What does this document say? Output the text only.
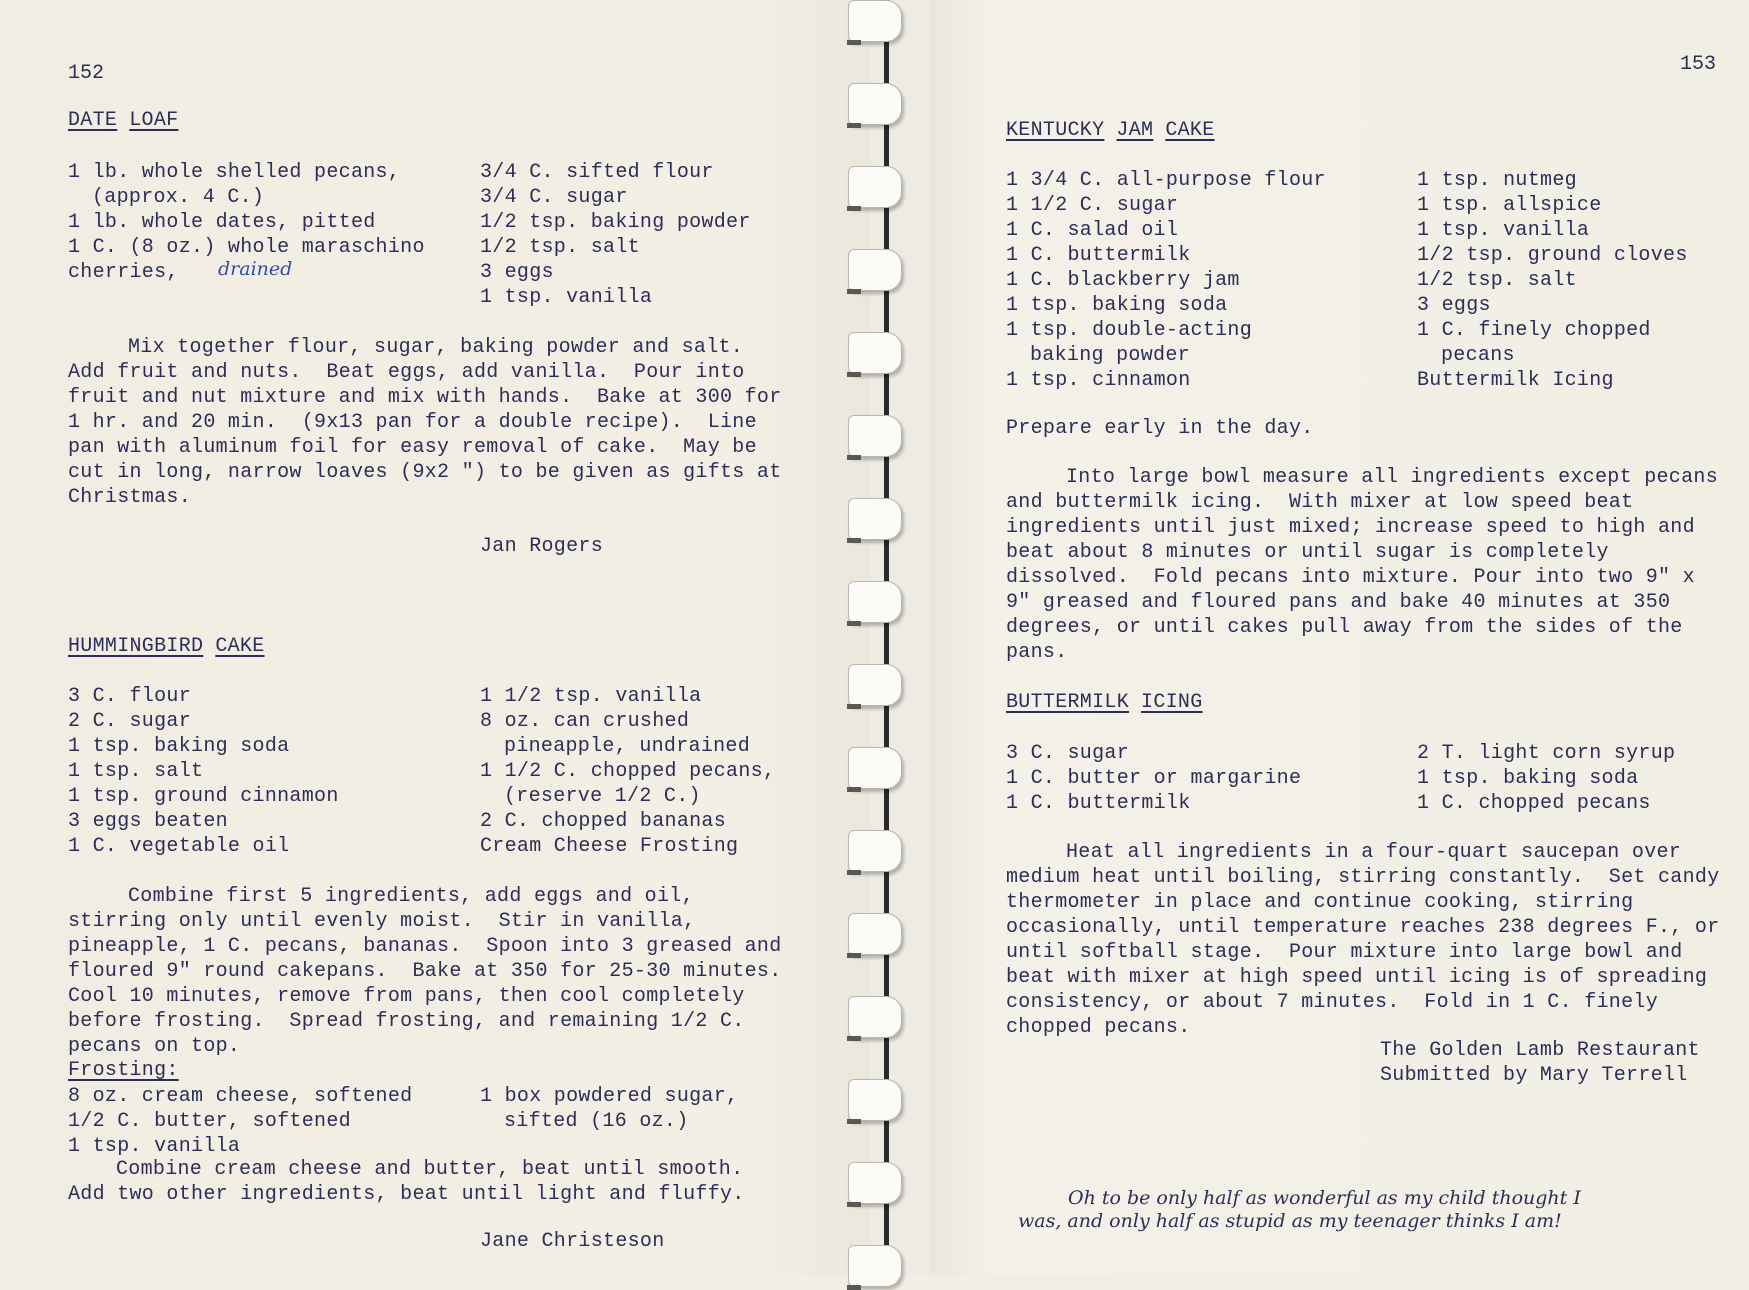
152
DATE LOAF
1 lb. whole shelled pecans,
(approx. 4 C.)
1 lb. whole dates, pitted
1 C. (8 oz.) whole maraschino
cherries,	drained
3/4 C. sifted flour
3/4 C. sugar
1/2 tsp. baking powder
1/2 tsp. salt
3 eggs
1 tsp. vanilla
Mix together flour, sugar, baking powder and salt.
Add fruit and nuts.  Beat eggs, add vanilla.  Pour into
fruit and nut mixture and mix with hands.  Bake at 300 for
1 hr. and 20 min.  (9x13 pan for a double recipe).  Line
pan with aluminum foil for easy removal of cake.  May be
cut in long, narrow loaves (9x2 ") to be given as gifts at
Christmas.
Jan Rogers
HUMMINGBIRD CAKE
3 C. flour
2 C. sugar
1 tsp. baking soda
1 tsp. salt
1 tsp. ground cinnamon
3 eggs beaten
1 C. vegetable oil
1 1/2 tsp. vanilla
8 oz. can crushed
pineapple, undrained
1 1/2 C. chopped pecans,
(reserve 1/2 C.)
2 C. chopped bananas
Cream Cheese Frosting
Combine first 5 ingredients, add eggs and oil,
stirring only until evenly moist.  Stir in vanilla,
pineapple, 1 C. pecans, bananas.  Spoon into 3 greased and
floured 9" round cakepans.  Bake at 350 for 25-30 minutes.
Cool 10 minutes, remove from pans, then cool completely
before frosting.  Spread frosting, and remaining 1/2 C.
pecans on top.
Frosting:
8 oz. cream cheese, softened
1/2 C. butter, softened
1 tsp. vanilla
1 box powdered sugar,
sifted (16 oz.)
Combine cream cheese and butter, beat until smooth.
Add two other ingredients, beat until light and fluffy.
Jane Christeson
153
KENTUCKY JAM CAKE
1 3/4 C. all-purpose flour
1 1/2 C. sugar
1 C. salad oil
1 C. buttermilk
1 C. blackberry jam
1 tsp. baking soda
1 tsp. double-acting
baking powder
1 tsp. cinnamon
1 tsp. nutmeg
1 tsp. allspice
1 tsp. vanilla
1/2 tsp. ground cloves
1/2 tsp. salt
3 eggs
1 C. finely chopped
pecans
Buttermilk Icing
Prepare early in the day.
Into large bowl measure all ingredients except pecans
and buttermilk icing.  With mixer at low speed beat
ingredients until just mixed; increase speed to high and
beat about 8 minutes or until sugar is completely
dissolved.  Fold pecans into mixture. Pour into two 9" x
9" greased and floured pans and bake 40 minutes at 350
degrees, or until cakes pull away from the sides of the
pans.
BUTTERMILK ICING
3 C. sugar
1 C. butter or margarine
1 C. buttermilk
2 T. light corn syrup
1 tsp. baking soda
1 C. chopped pecans
Heat all ingredients in a four-quart saucepan over
medium heat until boiling, stirring constantly.  Set candy
thermometer in place and continue cooking, stirring
occasionally, until temperature reaches 238 degrees F., or
until softball stage.  Pour mixture into large bowl and
beat with mixer at high speed until icing is of spreading
consistency, or about 7 minutes.  Fold in 1 C. finely
chopped pecans.
The Golden Lamb Restaurant
Submitted by Mary Terrell
Oh to be only half as wonderful as my child thought I
was, and only half as stupid as my teenager thinks I am!
